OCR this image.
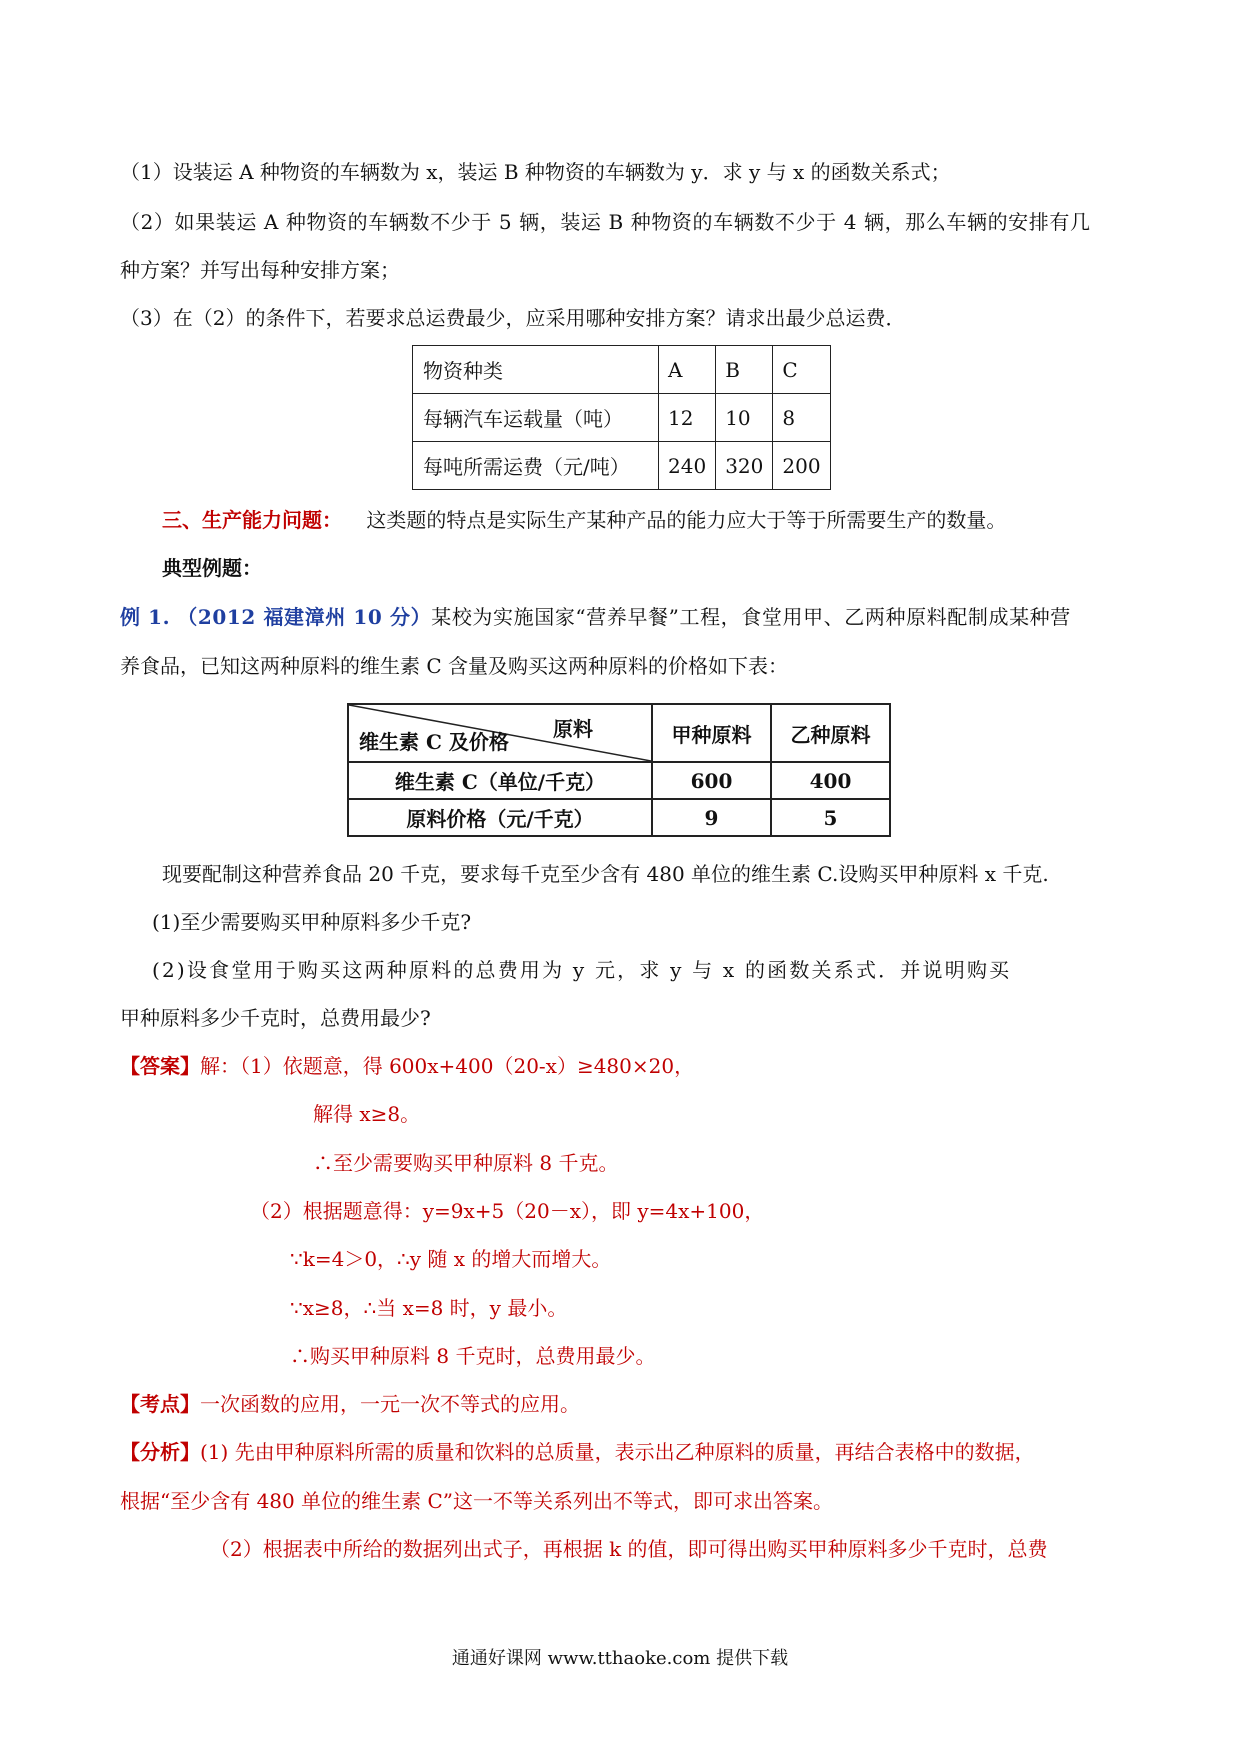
（1）设装运 A 种物资的车辆数为 x，装运 B 种物资的车辆数为 y．求 y 与 x 的函数关系式；
（2）如果装运 A 种物资的车辆数不少于 5 辆，装运 B 种物资的车辆数不少于 4 辆，那么车辆的安排有几
种方案？并写出每种安排方案；
（3）在（2）的条件下，若要求总运费最少，应采用哪种安排方案？请求出最少总运费．
物资种类	A	B	C
每辆汽车运载量（吨）	12	10	8
每吨所需运费（元/吨）	240	320	200
三、生产能力问题： 这类题的特点是实际生产某种产品的能力应大于等于所需要生产的数量。
典型例题：
例 1. （2012 福建漳州 10 分）某校为实施国家“营养早餐”工程，食堂用甲、乙两种原料配制成某种营
养食品，已知这两种原料的维生素 C 含量及购买这两种原料的价格如下表：
原料
维生素 C 及价格	甲种原料	乙种原料
维生素 C（单位/千克）	600	400
原料价格（元/千克）	9	5
现要配制这种营养食品 20 千克，要求每千克至少含有 480 单位的维生素 C.设购买甲种原料 x 千克.
(1)至少需要购买甲种原料多少千克?
(2)设食堂用于购买这两种原料的总费用为 y 元，求 y 与 x 的函数关系式．并说明购买
甲种原料多少千克时，总费用最少?
【答案】解：（1）依题意，得 600x+400（20-x）≥480×20，
解得 x≥8。
∴至少需要购买甲种原料 8 千克。
（2）根据题意得：y=9x+5（20－x），即 y=4x+100，
∵k=4＞0，∴y 随 x 的增大而增大。
∵x≥8，∴当 x=8 时，y 最小。
∴购买甲种原料 8 千克时，总费用最少。
【考点】一次函数的应用，一元一次不等式的应用。
【分析】(1) 先由甲种原料所需的质量和饮料的总质量，表示出乙种原料的质量，再结合表格中的数据，
根据“至少含有 480 单位的维生素 C”这一不等关系列出不等式，即可求出答案。
（2）根据表中所给的数据列出式子，再根据 k 的值，即可得出购买甲种原料多少千克时，总费
通通好课网 www.tthaoke.com 提供下载
